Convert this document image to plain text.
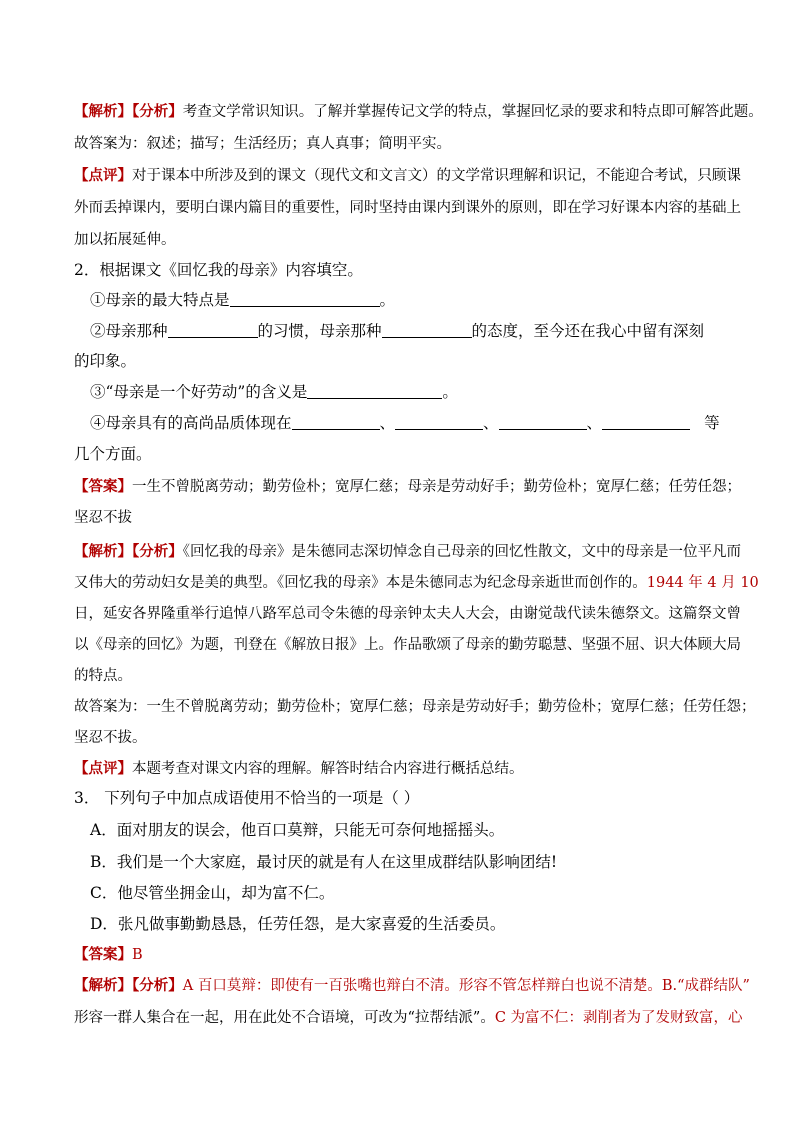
【解析】【分析】考查文学常识知识。了解并掌握传记文学的特点，掌握回忆录的要求和特点即可解答此题。
故答案为：叙述；描写；生活经历；真人真事；简明平实。
【点评】对于课本中所涉及到的课文（现代文和文言文）的文学常识理解和识记，不能迎合考试，只顾课
外而丢掉课内，要明白课内篇目的重要性，同时坚持由课内到课外的原则，即在学习好课本内容的基础上
加以拓展延伸。
2．根据课文《回忆我的母亲》内容填空。
①母亲的最大特点是	。
②母亲那种	的习惯，母亲那种	的态度，至今还在我心中留有深刻
的印象。
③“母亲是一个好劳动”的含义是	。
④母亲具有的高尚品质体现在	、	、	、	等
几个方面。
【答案】一生不曾脱离劳动；勤劳俭朴；宽厚仁慈；母亲是劳动好手；勤劳俭朴；宽厚仁慈；任劳任怨；
坚忍不拔
【解析】【分析】《回忆我的母亲》是朱德同志深切悼念自己母亲的回忆性散文，文中的母亲是一位平凡而
又伟大的劳动妇女是美的典型。《回忆我的母亲》本是朱德同志为纪念母亲逝世而创作的。1944 年 4 月 10
日，延安各界隆重举行追悼八路军总司令朱德的母亲钟太夫人大会，由谢觉哉代读朱德祭文。这篇祭文曾
以《母亲的回忆》为题，刊登在《解放日报》上。作品歌颂了母亲的勤劳聪慧、坚强不屈、识大体顾大局
的特点。
故答案为：一生不曾脱离劳动；勤劳俭朴；宽厚仁慈；母亲是劳动好手；勤劳俭朴；宽厚仁慈；任劳任怨；
坚忍不拔。
【点评】本题考查对课文内容的理解。解答时结合内容进行概括总结。
3． 下列句子中加点成语使用不恰当的一项是（ ）
A．面对朋友的误会，他百口莫辩，只能无可奈何地摇摇头。
B．我们是一个大家庭，最讨厌的就是有人在这里成群结队影响团结!
C．他尽管坐拥金山，却为富不仁。
D．张凡做事勤勤恳恳，任劳任怨，是大家喜爱的生活委员。
【答案】B
【解析】【分析】A 百口莫辩：即使有一百张嘴也辩白不清。形容不管怎样辩白也说不清楚。B.“成群结队”
形容一群人集合在一起，用在此处不合语境，可改为“拉帮结派”。C 为富不仁：剥削者为了发财致富，心
